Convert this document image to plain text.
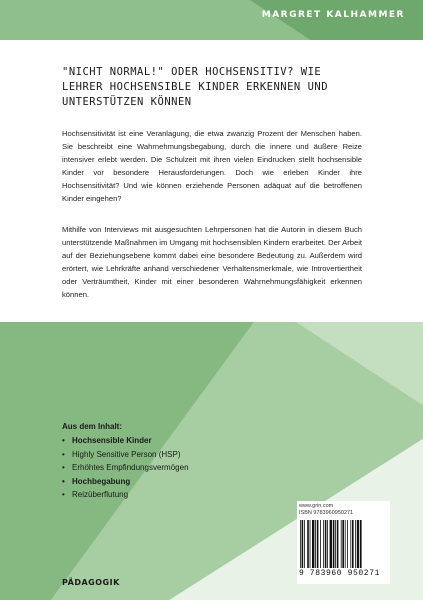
MARGRET KALHAMMER
"NICHT NORMAL!" ODER HOCHSENSITIV? WIE
LEHRER HOCHSENSIBLE KINDER ERKENNEN UND
UNTERSTÜTZEN KÖNNEN
Hochsensitivität ist eine Veranlagung, die etwa zwanzig Prozent der Menschen haben. Sie beschreibt eine Wahrnehmungsbegabung, durch die innere und äußere Reize intensiver erlebt werden. Die Schulzeit mit ihren vielen Eindrucken stellt hochsensible Kinder vor besondere Herausforderungen. Doch wie erleben Kinder ihre Hochsensitivität? Und wie können erziehende Personen adäquat auf die betroffenen Kinder eingehen?
Mithilfe von Interviews mit ausgesuchten Lehrpersonen hat die Autorin in diesem Buch unterstützende Maßnahmen im Umgang mit hochsensiblen Kindern erarbeitet. Der Arbeit auf der Beziehungsebene kommt dabei eine besondere Bedeutung zu. Außerdem wird erörtert, wie Lehrkräfte anhand verschiedener Verhaltensmerkmale, wie Introvertiertheit oder Verträumtheit, Kinder mit einer besonderen Wahrnehmungsfähigkeit erkennen können.
Aus dem Inhalt:
• Hochsensible Kinder
• Highly Sensitive Person (HSP)
• Erhöhtes Empfindungsvermögen
• Hochbegabung
• Reizüberflutung
PÄDAGOGIK
www.grin.com
ISBN 9783960950271
9 783960 950271
